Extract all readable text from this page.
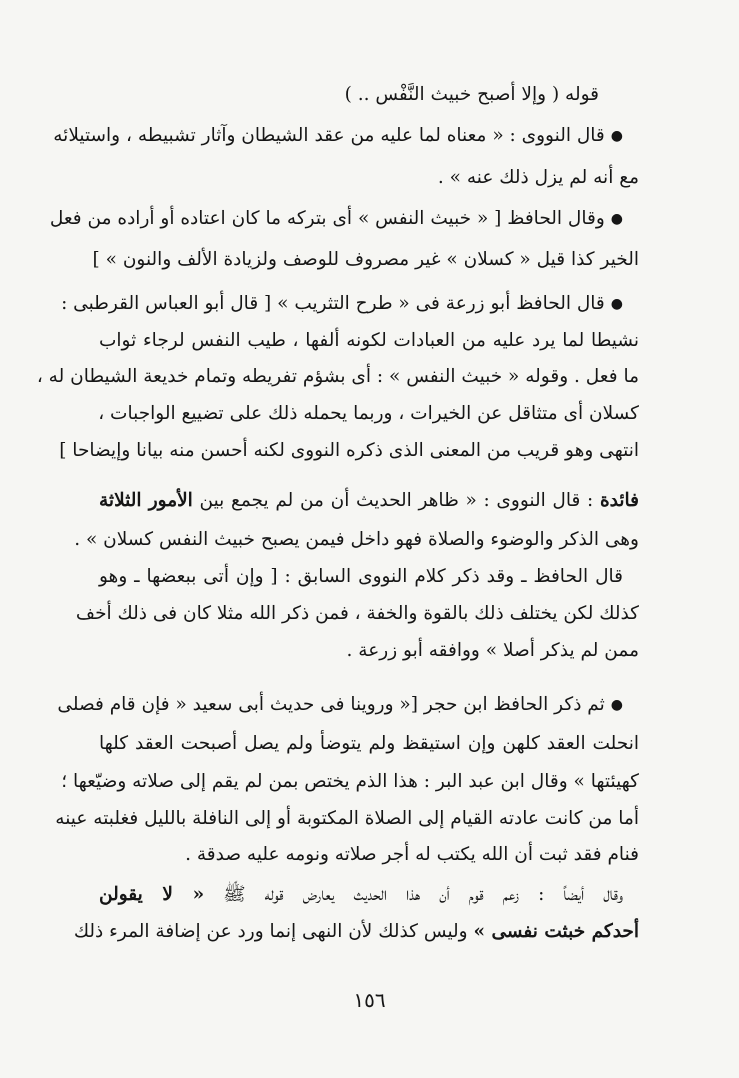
قوله ( وإلا أصبح خبيث النَّفْس .. )
●قال النووى : « معناه لما عليه من عقد الشيطان وآثار تشبيطه ، واستيلائه
مع أنه لم يزل ذلك عنه » .
●وقال الحافظ [ « خبيث النفس » أى بتركه ما كان اعتاده أو أراده من فعل
الخير كذا قيل « كسلان » غير مصروف للوصف ولزيادة الألف والنون » ]
●قال الحافظ أبو زرعة فى « طرح التثريب » [ قال أبو العباس القرطبى :
نشيطا لما يرد عليه من العبادات لكونه ألفها ، طيب النفس لرجاء ثواب
ما فعل . وقوله « خبيث النفس » : أى بشؤم تفريطه وتمام خديعة الشيطان له ،
كسلان أى متثاقل عن الخيرات ، وربما يحمله ذلك على تضييع الواجبات ،
انتهى وهو قريب من المعنى الذى ذكره النووى لكنه أحسن منه بيانا وإيضاحا ]
فائدة : قال النووى : « ظاهر الحديث أن من لم يجمع بين الأمور الثلاثة
وهى الذكر والوضوء والصلاة فهو داخل فيمن يصبح خبيث النفس كسلان » .
قال الحافظ ـ وقد ذكر كلام النووى السابق : [ وإن أتى ببعضها ـ وهو
كذلك لكن يختلف ذلك بالقوة والخفة ، فمن ذكر الله مثلا كان فى ذلك أخف
ممن لم يذكر أصلا » ووافقه أبو زرعة .
●ثم ذكر الحافظ ابن حجر [« وروينا فى حديث أبى سعيد « فإن قام فصلى
انحلت العقد كلهن وإن استيقظ ولم يتوضأ ولم يصل أصبحت العقد كلها
كهيئتها » وقال ابن عبد البر : هذا الذم يختص بمن لم يقم إلى صلاته وضيّعها ؛
أما من كانت عادته القيام إلى الصلاة المكتوبة أو إلى النافلة بالليل فغلبته عينه
فنام فقد ثبت أن الله يكتب له أجر صلاته ونومه عليه صدقة .
وقال أيضاً : زعم قوم أن هذا الحديث يعارض قوله ﷺ « لا يقولن
أحدكم خبثت نفسى » وليس كذلك لأن النهى إنما ورد عن إضافة المرء ذلك
١٥٦
